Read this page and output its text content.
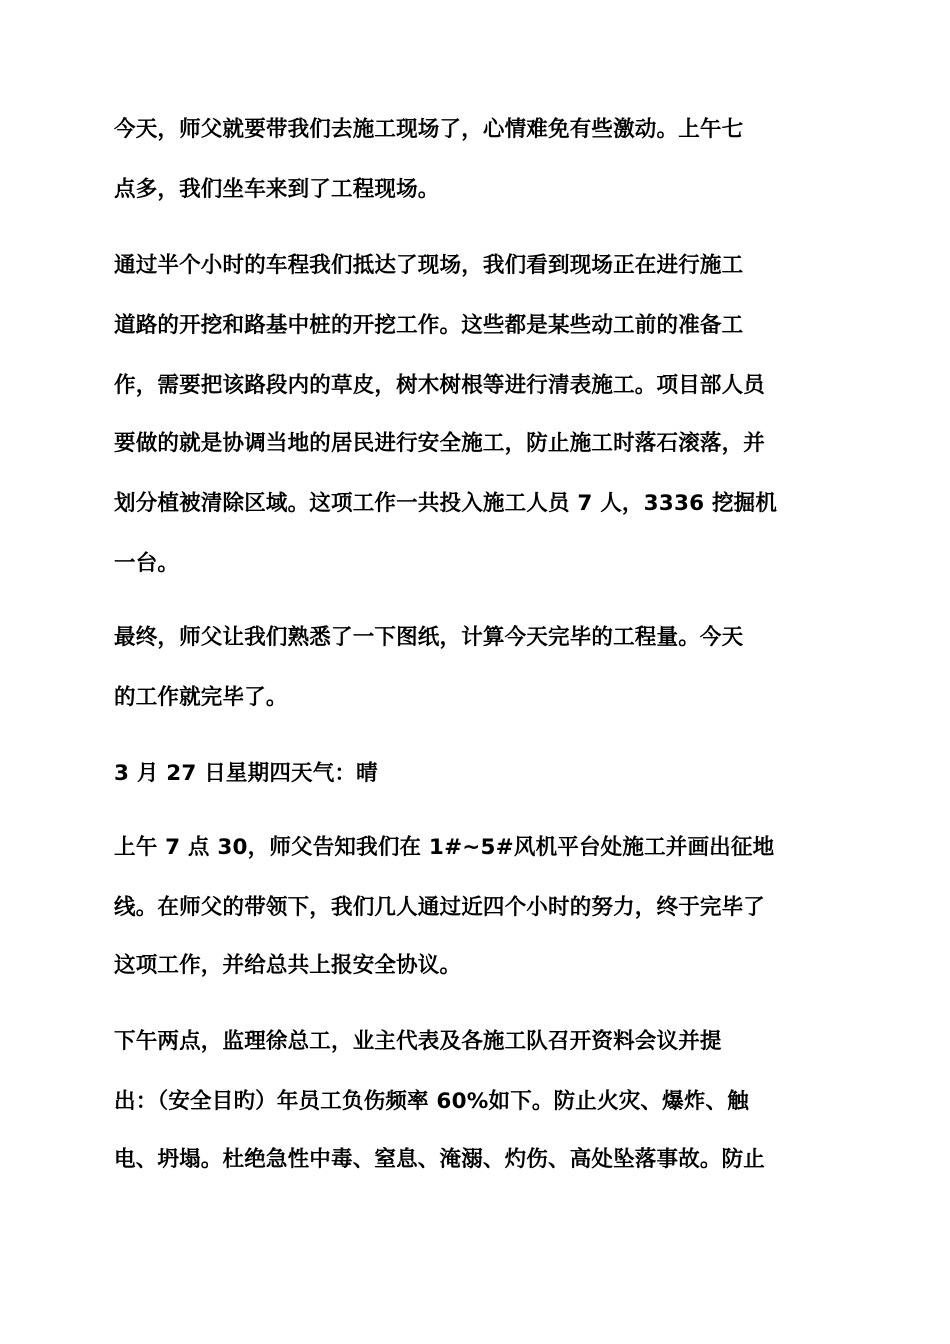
今天，师父就要带我们去施工现场了，心情难免有些激动。上午七

点多，我们坐车来到了工程现场。

通过半个小时的车程我们抵达了现场，我们看到现场正在进行施工

道路的开挖和路基中桩的开挖工作。这些都是某些动工前的准备工

作，需要把该路段内的草皮，树木树根等进行清表施工。项目部人员

要做的就是协调当地的居民进行安全施工，防止施工时落石滚落，并

划分植被清除区域。这项工作一共投入施工人员 7 人，3336 挖掘机

一台。

最终，师父让我们熟悉了一下图纸，计算今天完毕的工程量。今天

的工作就完毕了。

3 月 27 日星期四天气：晴

上午 7 点 30，师父告知我们在 1#~5#风机平台处施工并画出征地

线。在师父的带领下，我们几人通过近四个小时的努力，终于完毕了

这项工作，并给总共上报安全协议。

下午两点，监理徐总工，业主代表及各施工队召开资料会议并提

出：（安全目旳）年员工负伤频率 60%如下。防止火灾、爆炸、触

电、坍塌。杜绝急性中毒、窒息、淹溺、灼伤、高处坠落事故。防止
